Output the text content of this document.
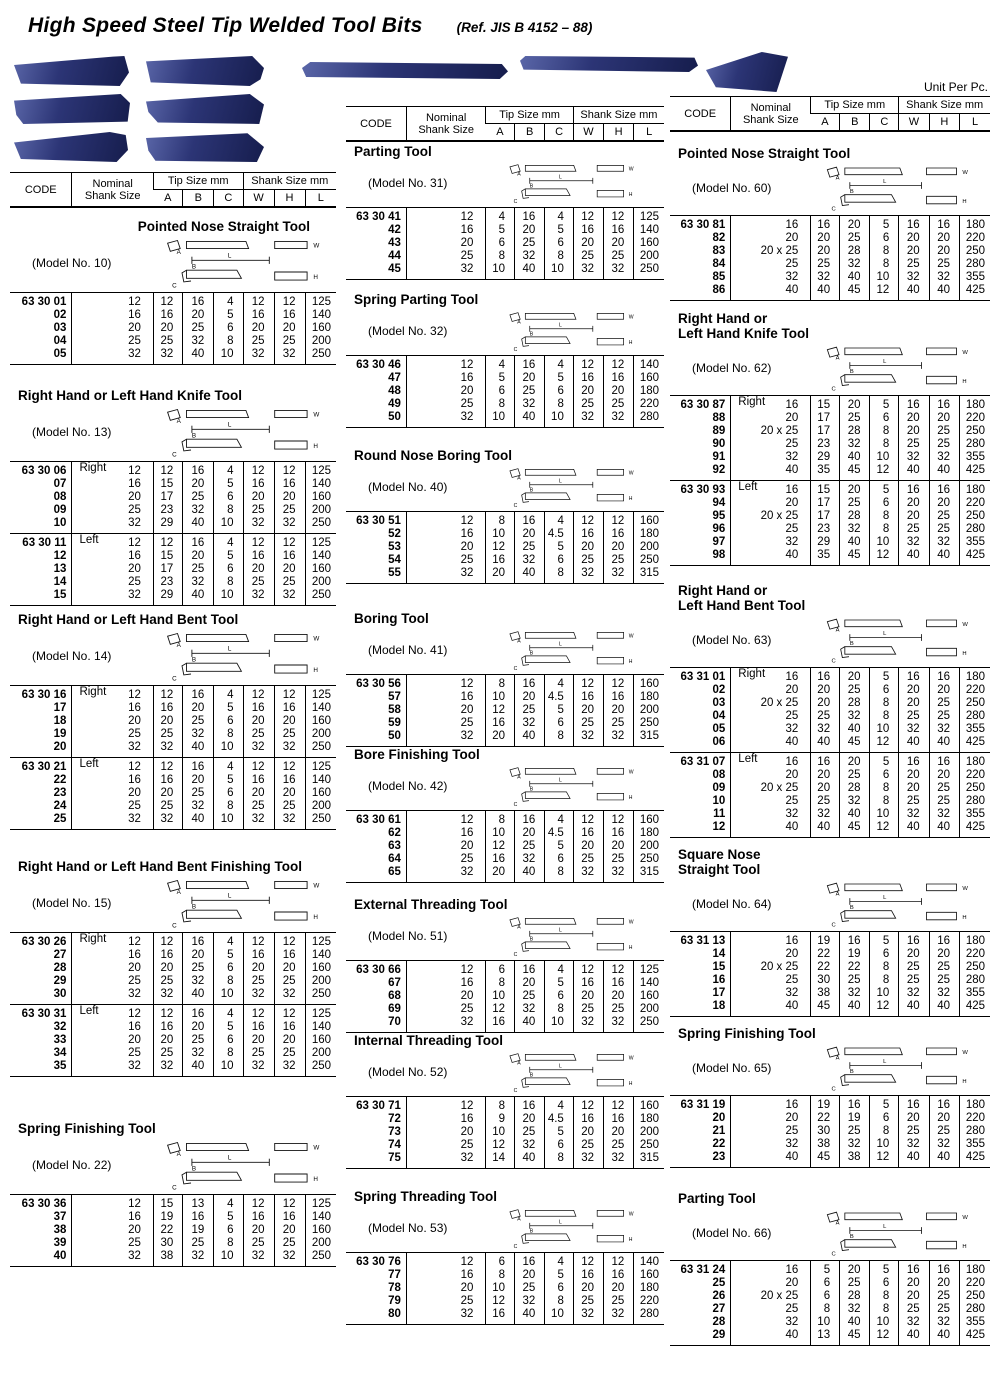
High Speed Steel Tip Welded Tool Bits	(Ref. JIS B 4152 – 88)
CODE	Nominal
Shank Size	Tip Size mm			Shank Size mm		
		A	B	C	W	H	L
Pointed Nose Straight Tool
(Model No. 10)
W
H
L
A
B
C
63 30 01	12	12	16	4	12	12	125
02	16	16	20	5	16	16	140
03	20	20	25	6	20	20	160
04	25	25	32	8	25	25	200
05	32	32	40	10	32	32	250
Right Hand or Left Hand Knife Tool
(Model No. 13)
W
H
L
A
B
C
63 30 06	Right 12	12	16	4	12	12	125
07	16	15	20	5	16	16	140
08	20	17	25	6	20	20	160
09	25	23	32	8	25	25	200
10	32	29	40	10	32	32	250
63 30 11	Left 12	12	16	4	12	12	125
12	16	15	20	5	16	16	140
13	20	17	25	6	20	20	160
14	25	23	32	8	25	25	200
15	32	29	40	10	32	32	250
Right Hand or Left Hand Bent Tool
(Model No. 14)
W
H
L
A
B
C
63 30 16	Right 12	12	16	4	12	12	125
17	16	16	20	5	16	16	140
18	20	20	25	6	20	20	160
19	25	25	32	8	25	25	200
20	32	32	40	10	32	32	250
63 30 21	Left 12	12	16	4	12	12	125
22	16	16	20	5	16	16	140
23	20	20	25	6	20	20	160
24	25	25	32	8	25	25	200
25	32	32	40	10	32	32	250
Right Hand or Left Hand Bent Finishing Tool
(Model No. 15)
W
H
L
A
B
C
63 30 26	Right 12	12	16	4	12	12	125
27	16	16	20	5	16	16	140
28	20	20	25	6	20	20	160
29	25	25	32	8	25	25	200
30	32	32	40	10	32	32	250
63 30 31	Left 12	12	16	4	12	12	125
32	16	16	20	5	16	16	140
33	20	20	25	6	20	20	160
34	25	25	32	8	25	25	200
35	32	32	40	10	32	32	250
Spring Finishing Tool
(Model No. 22)
W
H
L
A
B
C
63 30 36	12	15	13	4	12	12	125
37	16	19	16	5	16	16	140
38	20	22	19	6	20	20	160
39	25	30	25	8	25	25	200
40	32	38	32	10	32	32	250
CODE	Nominal
Shank Size	Tip Size mm			Shank Size mm		
		A	B	C	W	H	L
Parting Tool
(Model No. 31)
W
H
L
A
B
C
63 30 41	12	4	16	4	12	12	125
42	16	5	20	5	16	16	140
43	20	6	25	6	20	20	160
44	25	8	32	8	25	25	200
45	32	10	40	10	32	32	250
Spring Parting Tool
(Model No. 32)
W
H
L
A
B
C
63 30 46	12	4	16	4	12	12	140
47	16	5	20	5	16	16	160
48	20	6	25	6	20	20	180
49	25	8	32	8	25	25	220
50	32	10	40	10	32	32	280
Round Nose Boring Tool
(Model No. 40)
W
H
L
A
B
C
63 30 51	12	8	16	4	12	12	160
52	16	10	20	4.5	16	16	180
53	20	12	25	5	20	20	200
54	25	16	32	6	25	25	250
55	32	20	40	8	32	32	315
Boring Tool
(Model No. 41)
W
H
L
A
B
C
63 30 56	12	8	16	4	12	12	160
57	16	10	20	4.5	16	16	180
58	20	12	25	5	20	20	200
59	25	16	32	6	25	25	250
50	32	20	40	8	32	32	315
Bore Finishing Tool
(Model No. 42)
W
H
L
A
B
C
63 30 61	12	8	16	4	12	12	160
62	16	10	20	4.5	16	16	180
63	20	12	25	5	20	20	200
64	25	16	32	6	25	25	250
65	32	20	40	8	32	32	315
External Threading Tool
(Model No. 51)
W
H
L
A
B
C
63 30 66	12	6	16	4	12	12	125
67	16	8	20	5	16	16	140
68	20	10	25	6	20	20	160
69	25	12	32	8	25	25	200
70	32	16	40	10	32	32	250
Internal Threading Tool
(Model No. 52)
W
H
L
A
B
C
63 30 71	12	8	16	4	12	12	160
72	16	9	20	4.5	16	16	180
73	20	10	25	5	20	20	200
74	25	12	32	6	25	25	250
75	32	14	40	8	32	32	315
Spring Threading Tool
(Model No. 53)
W
H
L
A
B
C
63 30 76	12	6	16	4	12	12	140
77	16	8	20	5	16	16	160
78	20	10	25	6	20	20	180
79	25	12	32	8	25	25	220
80	32	16	40	10	32	32	280
Unit Per Pc.
CODE	Nominal
Shank Size	Tip Size mm			Shank Size mm		
		A	B	C	W	H	L
Pointed Nose Straight Tool
(Model No. 60)
W
H
L
A
B
C
63 30 81	16	16	20	5	16	16	180
82	20	20	25	6	20	20	220
83	20 x 25	20	28	8	20	20	250
84	25	25	32	8	25	25	280
85	32	32	40	10	32	32	355
86	40	40	45	12	40	40	425
Right Hand or
Left Hand Knife Tool
(Model No. 62)
W
H
L
A
B
C
63 30 87	Right 16	15	20	5	16	16	180
88	20	17	25	6	20	20	220
89	20 x 25	17	28	8	20	25	250
90	25	23	32	8	25	25	280
91	32	29	40	10	32	32	355
92	40	35	45	12	40	40	425
63 30 93	Left 16	15	20	5	16	16	180
94	20	17	25	6	20	20	220
95	20 x 25	17	28	8	20	25	250
96	25	23	32	8	25	25	280
97	32	29	40	10	32	32	355
98	40	35	45	12	40	40	425
Right Hand or
Left Hand Bent Tool
(Model No. 63)
W
H
L
A
B
C
63 31 01	Right 16	16	20	5	16	16	180
02	20	20	25	6	20	20	220
03	20 x 25	20	28	8	20	25	250
04	25	25	32	8	25	25	280
05	32	32	40	10	32	32	355
06	40	40	45	12	40	40	425
63 31 07	Left 16	16	20	5	16	16	180
08	20	20	25	6	20	20	220
09	20 x 25	20	28	8	20	25	250
10	25	25	32	8	25	25	280
11	32	32	40	10	32	32	355
12	40	40	45	12	40	40	425
Square Nose
Straight Tool
(Model No. 64)
W
H
L
A
B
C
63 31 13	16	19	16	5	16	16	180
14	20	22	19	6	20	20	220
15	20 x 25	22	22	8	25	25	250
16	25	30	25	8	25	25	280
17	32	38	32	10	32	32	355
18	40	45	40	12	40	40	425
Spring Finishing Tool
(Model No. 65)
W
H
L
A
B
C
63 31 19	16	19	16	5	16	16	180
20	20	22	19	6	20	20	220
21	25	30	25	8	25	25	280
22	32	38	32	10	32	32	355
23	40	45	38	12	40	40	425
Parting Tool
(Model No. 66)
W
H
L
A
B
C
63 31 24	16	5	20	5	16	16	180
25	20	6	25	6	20	20	220
26	20 x 25	6	28	8	20	25	250
27	25	8	32	8	25	25	280
28	32	10	40	10	32	32	355
29	40	13	45	12	40	40	425
